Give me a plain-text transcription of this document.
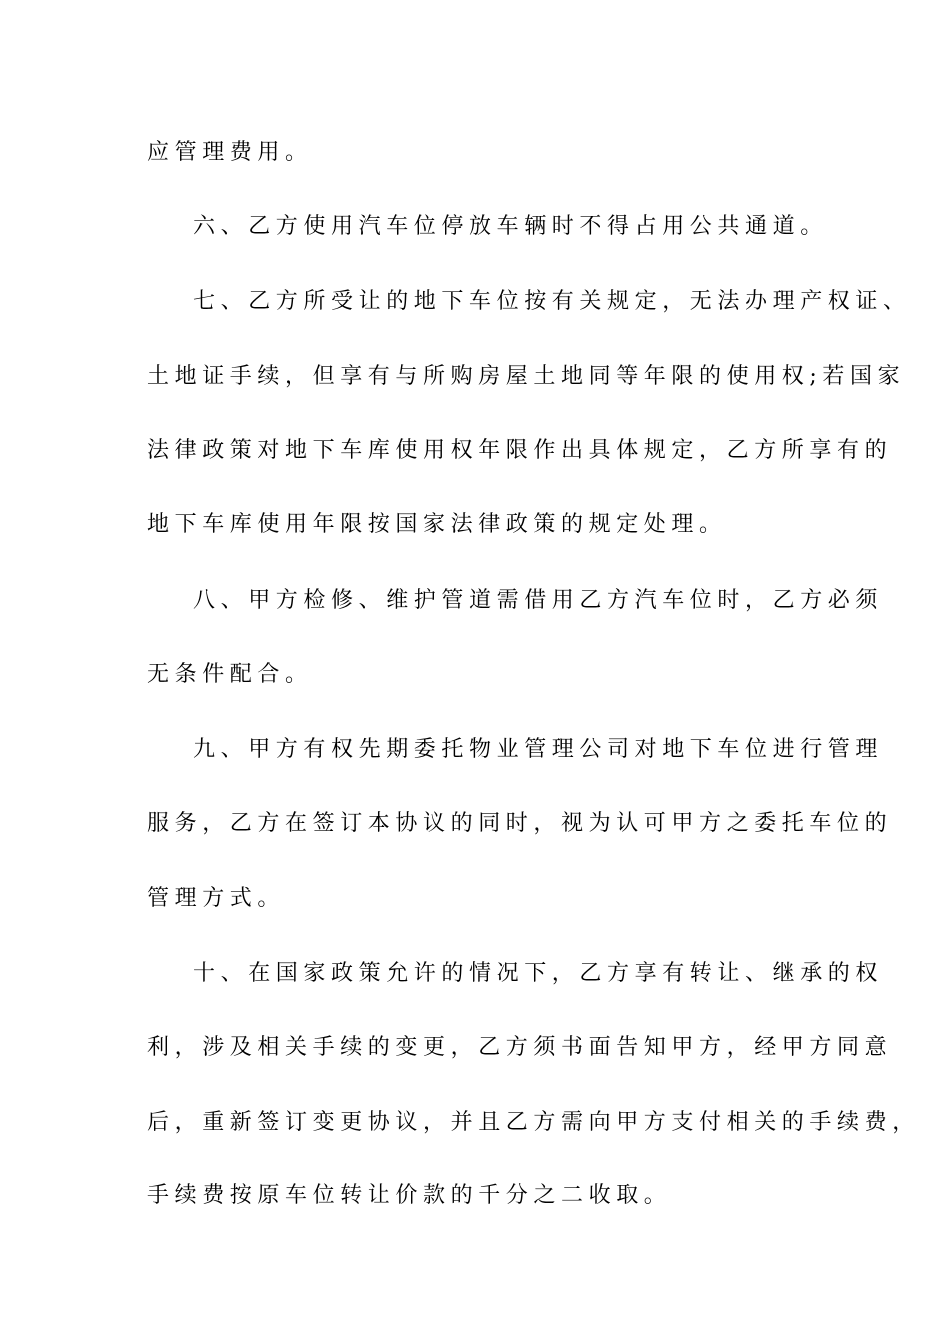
应管理费用。
六、乙方使用汽车位停放车辆时不得占用公共通道。
七、乙方所受让的地下车位按有关规定，无法办理产权证、
土地证手续，但享有与所购房屋土地同等年限的使用权;若国家
法律政策对地下车库使用权年限作出具体规定，乙方所享有的
地下车库使用年限按国家法律政策的规定处理。
八、甲方检修、维护管道需借用乙方汽车位时，乙方必须
无条件配合。
九、甲方有权先期委托物业管理公司对地下车位进行管理
服务，乙方在签订本协议的同时，视为认可甲方之委托车位的
管理方式。
十、在国家政策允许的情况下，乙方享有转让、继承的权
利，涉及相关手续的变更，乙方须书面告知甲方，经甲方同意
后，重新签订变更协议，并且乙方需向甲方支付相关的手续费，
手续费按原车位转让价款的千分之二收取。
